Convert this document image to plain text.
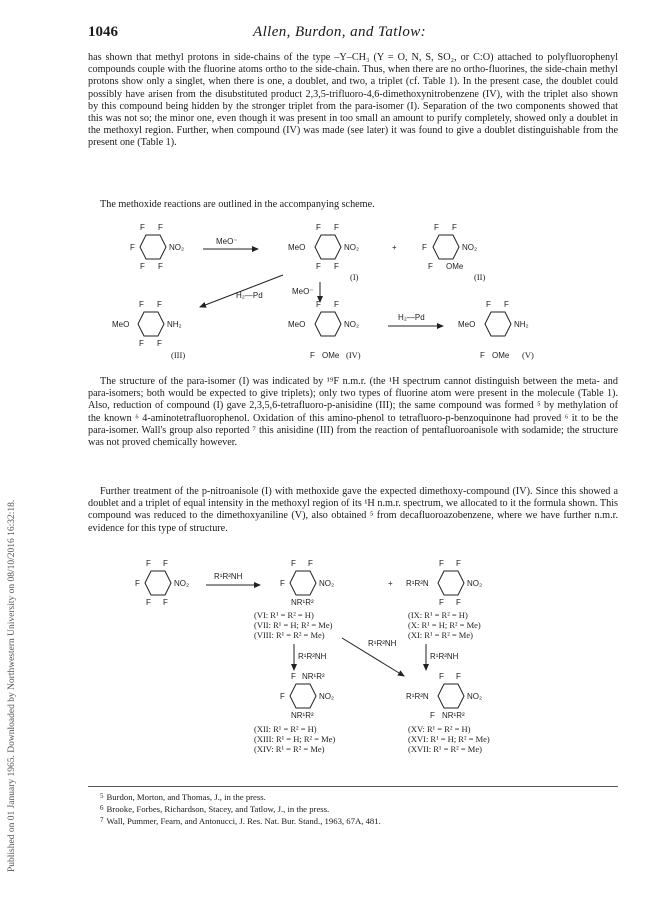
Published on 01 January 1965. Downloaded by Northwestern University on 08/10/2016 16:32:18.
1046	Allen, Burdon, and Tatlow:

has shown that methyl protons in side-chains of the type –Y–CH₃ (Y = O, N, S, SO₂, or C:O) attached to polyfluorophenyl compounds couple with the fluorine atoms ortho to the side-chain. Thus, when there are no ortho-fluorines, the side-chain methyl protons show only a singlet, when there is one, a doublet, and two, a triplet (cf. Table 1). In the present case, the doublet could possibly have arisen from the disubstituted product 2,3,5-trifluoro-4,6-dimethoxynitrobenzene (IV), with the triplet also shown by this compound being hidden by the stronger triplet from the para-isomer (I). Separation of the two components showed that this was not so; the minor one, even though it was present in too small an amount to purify completely, showed only a doublet in the methoxyl region. Further, when compound (IV) was made (see later) it was found to give a doublet distinguishable from the present one (Table 1).

The methoxide reactions are outlined in the accompanying scheme.

F F
F	NO₂
F F
MeO⁻
F F
MeO	NO₂
F F
(I)
+
F F
F	NO₂
F OMe
(II)
MeO⁻
H₂—Pd
F F
MeO	NH₂
F F
(III)
F F
MeO	NO₂
F OMe (IV)
H₂—Pd
F F
MeO	NH₂
F OMe (V)

The structure of the para-isomer (I) was indicated by ¹⁹F n.m.r. (the ¹H spectrum cannot distinguish between the meta- and para-isomers; both would be expected to give triplets); only two types of fluorine atom were present in the molecule (Table 1). Also, reduction of compound (I) gave 2,3,5,6-tetrafluoro-p-anisidine (III); the same compound was formed ⁵ by methylation of the known ⁶ 4-aminotetrafluorophenol. Oxidation of this amino-phenol to tetrafluoro-p-benzoquinone had proved ⁶ it to be the para-isomer. Wall's group also reported ⁷ this anisidine (III) from the reaction of pentafluoroanisole with sodamide; the structure was not proved chemically however.

Further treatment of the p-nitroanisole (I) with methoxide gave the expected dimethoxy-compound (IV). Since this showed a doublet and a triplet of equal intensity in the methoxyl region of its ¹H n.m.r. spectrum, we allocated to it the formula shown. This compound was reduced to the dimethoxyaniline (V), also obtained ⁵ from decafluoroazobenzene, where we have further n.m.r. evidence for this type of structure.

F F
F	NO₂
F F
R¹R²NH
F F
F	NO₂
NR¹R²
(VI: R¹ = R² = H)
(VII: R¹ = H; R² = Me)
(VIII: R¹ = R² = Me)
+
F F
R¹R²N	NO₂
F F
(IX: R¹ = R² = H)
(X: R¹ = H; R² = Me)
(XI: R¹ = R² = Me)
R¹R²NH
R¹R²NH
R¹R²NH
F NR¹R²
F	NO₂
NR¹R²
(XII: R¹ = R² = H)
(XIII: R¹ = H; R² = Me)
(XIV: R¹ = R² = Me)
F F
R¹R²N	NO₂
F NR¹R²
(XV: R¹ = R² = H)
(XVI: R¹ = H; R² = Me)
(XVII: R¹ = R² = Me)

$^5$ Burdon, Morton, and Thomas, J., in the press.

$^6$ Brooke, Forbes, Richardson, Stacey, and Tatlow, J., in the press.

$^7$ Wall, Pummer, Fearn, and Antonucci, J. Res. Nat. Bur. Stand., 1963, 67A, 481.
